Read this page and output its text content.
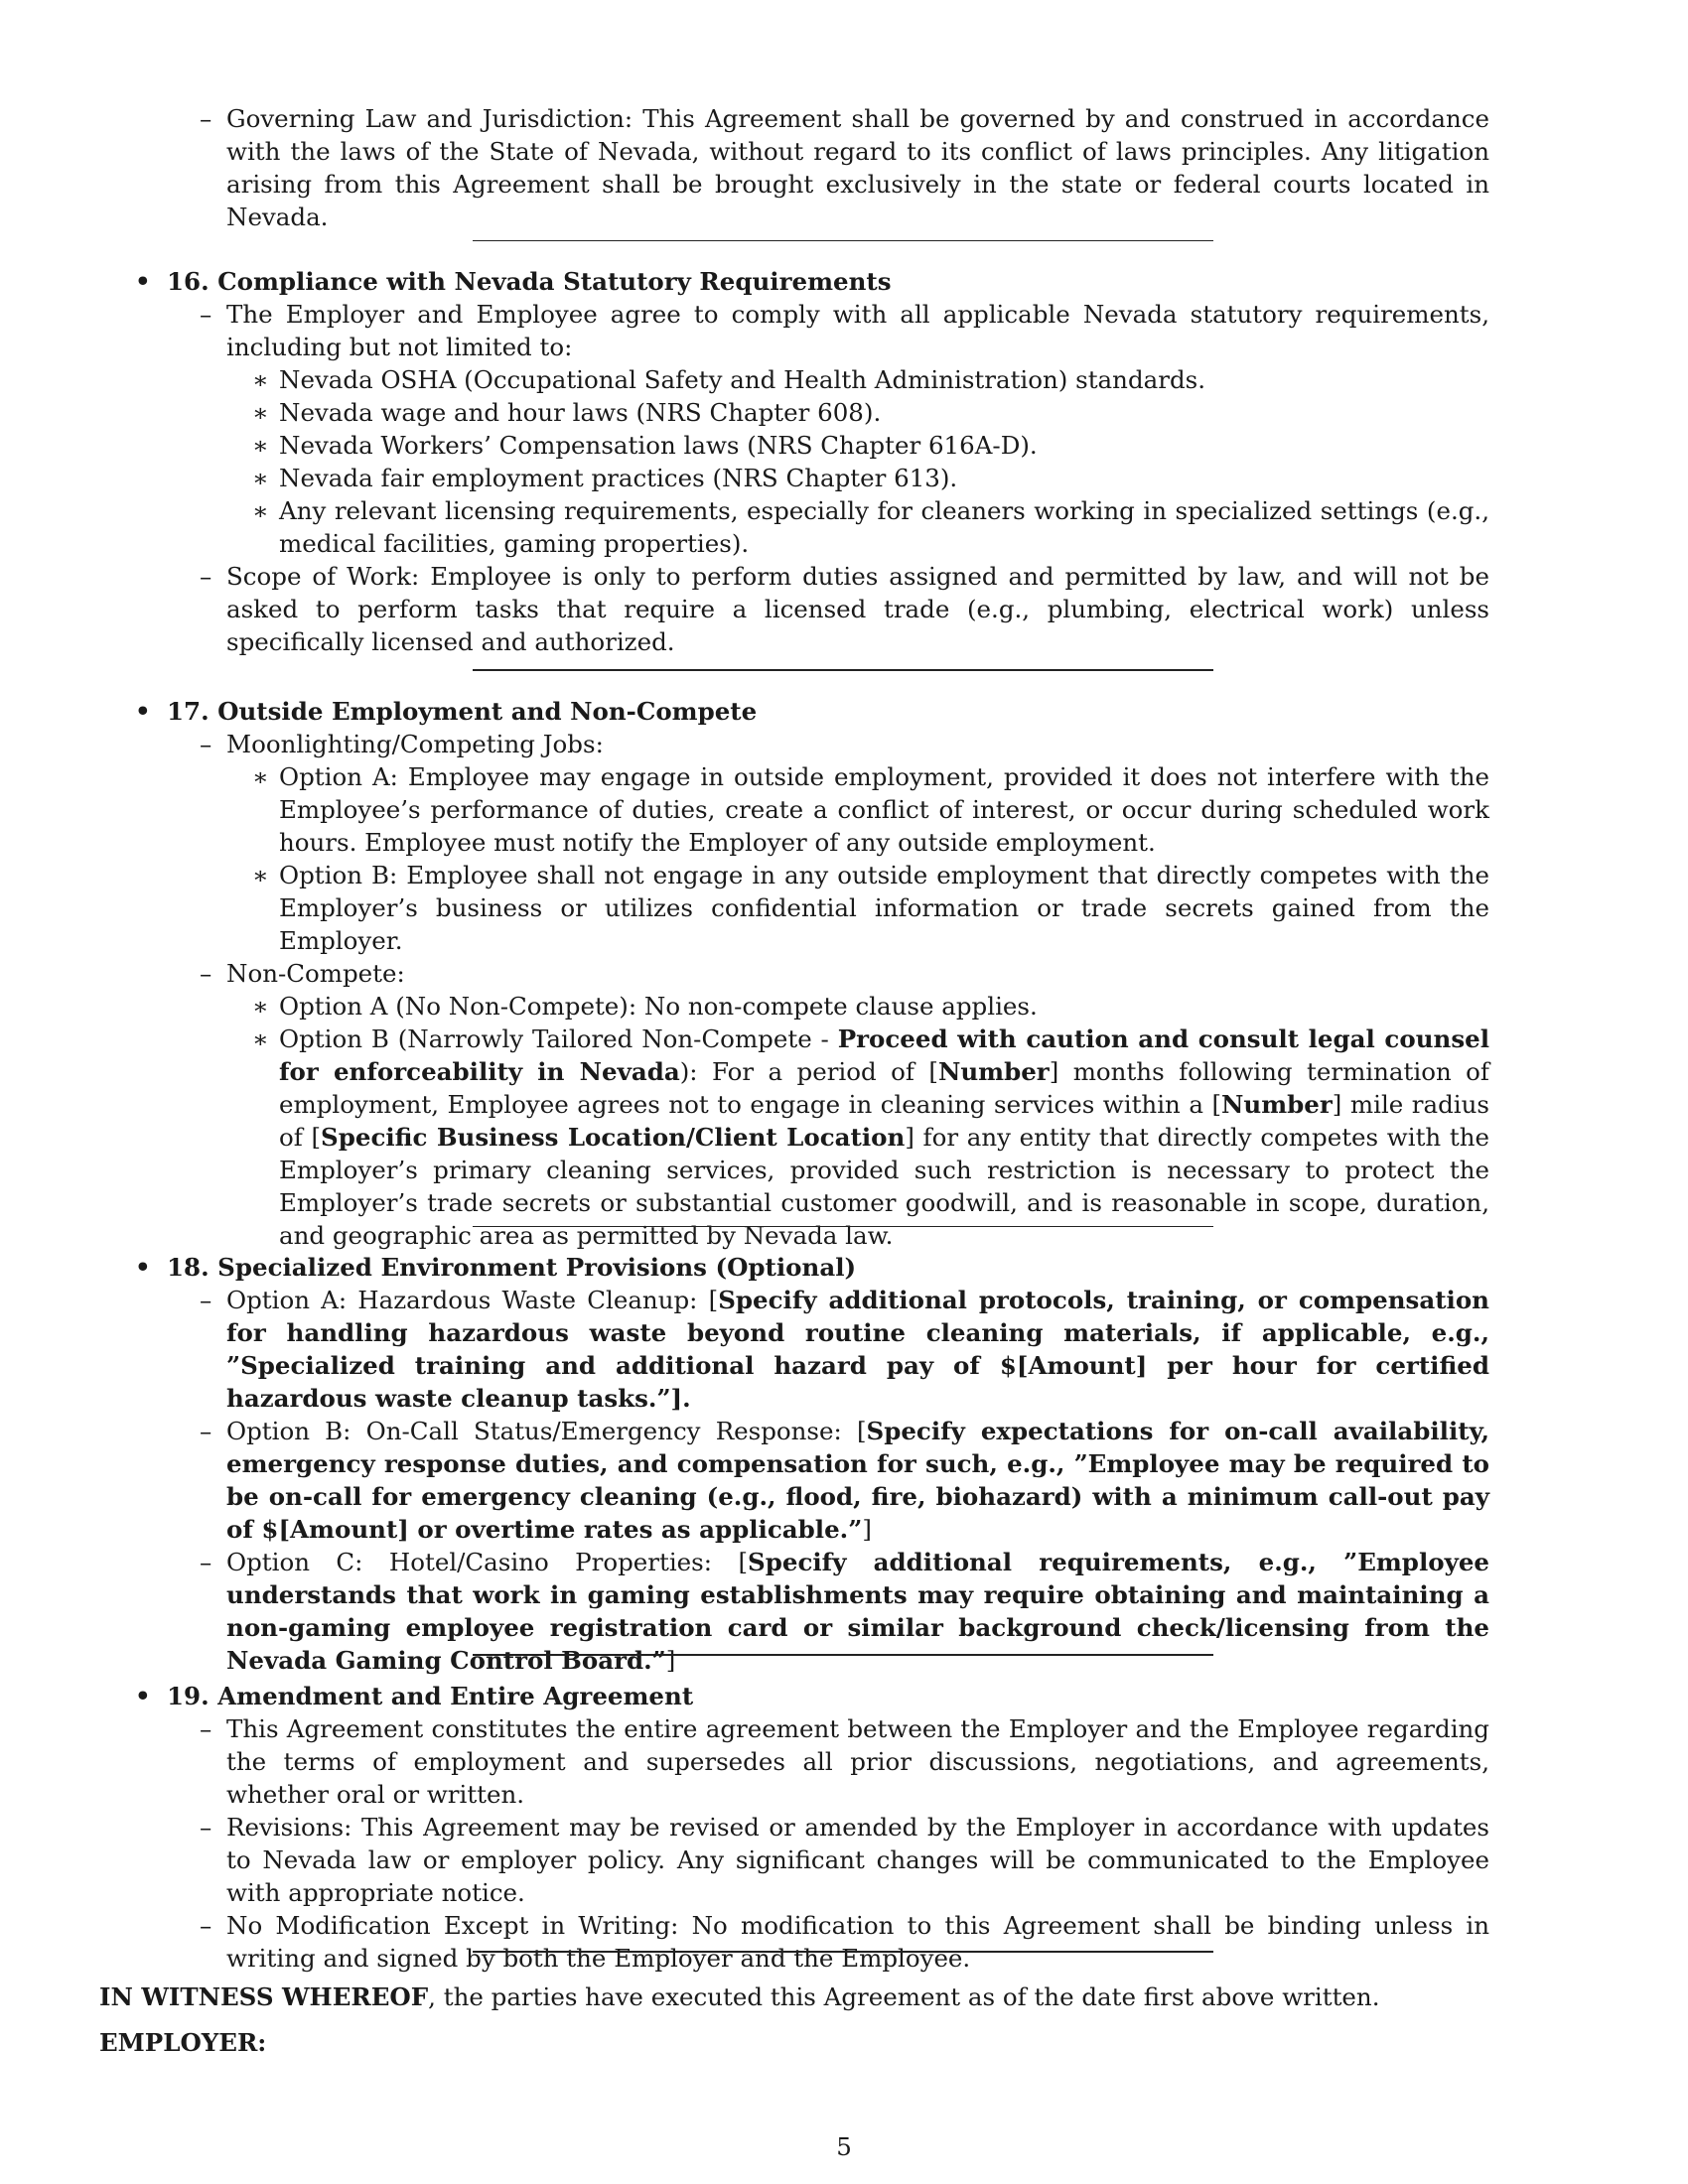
– Governing Law and Jurisdiction: This Agreement shall be governed by and construed in accordance with the laws of the State of Nevada, without regard to its conflict of laws principles. Any litigation arising from this Agreement shall be brought exclusively in the state or federal courts located in Nevada.
• 16. Compliance with Nevada Statutory Requirements
– The Employer and Employee agree to comply with all applicable Nevada statutory requirements, including but not limited to:
∗ Nevada OSHA (Occupational Safety and Health Administration) standards.
∗ Nevada wage and hour laws (NRS Chapter 608).
∗ Nevada Workers’ Compensation laws (NRS Chapter 616A-D).
∗ Nevada fair employment practices (NRS Chapter 613).
∗ Any relevant licensing requirements, especially for cleaners working in specialized settings (e.g., medical facilities, gaming properties).
– Scope of Work: Employee is only to perform duties assigned and permitted by law, and will not be asked to perform tasks that require a licensed trade (e.g., plumbing, electrical work) unless specifically licensed and authorized.
• 17. Outside Employment and Non-Compete
– Moonlighting/Competing Jobs:
∗ Option A: Employee may engage in outside employment, provided it does not interfere with the Employee’s performance of duties, create a conflict of interest, or occur during scheduled work hours. Employee must notify the Employer of any outside employment.
∗ Option B: Employee shall not engage in any outside employment that directly competes with the Employer’s business or utilizes confidential information or trade secrets gained from the Employer.
– Non-Compete:
∗ Option A (No Non-Compete): No non-compete clause applies.
∗ Option B (Narrowly Tailored Non-Compete - Proceed with caution and consult legal counsel for enforceability in Nevada): For a period of [Number] months following termination of employment, Employee agrees not to engage in cleaning services within a [Number] mile radius of [Specific Business Location/Client Location] for any entity that directly competes with the Employer’s primary cleaning services, provided such restriction is necessary to protect the Employer’s trade secrets or substantial customer goodwill, and is reasonable in scope, duration, and geographic area as permitted by Nevada law.
• 18. Specialized Environment Provisions (Optional)
– Option A: Hazardous Waste Cleanup: [Specify additional protocols, training, or compensation for handling hazardous waste beyond routine cleaning materials, if applicable, e.g., ”Specialized training and additional hazard pay of $[Amount] per hour for certified hazardous waste cleanup tasks.”].
– Option B: On-Call Status/Emergency Response: [Specify expectations for on-call availability, emergency response duties, and compensation for such, e.g., ”Employee may be required to be on-call for emergency cleaning (e.g., flood, fire, biohazard) with a minimum call-out pay of $[Amount] or overtime rates as applicable.”]
– Option C: Hotel/Casino Properties: [Specify additional requirements, e.g., ”Employee understands that work in gaming establishments may require obtaining and maintaining a non-gaming employee registration card or similar background check/licensing from the Nevada Gaming Control Board.”]
• 19. Amendment and Entire Agreement
– This Agreement constitutes the entire agreement between the Employer and the Employee regarding the terms of employment and supersedes all prior discussions, negotiations, and agreements, whether oral or written.
– Revisions: This Agreement may be revised or amended by the Employer in accordance with updates to Nevada law or employer policy. Any significant changes will be communicated to the Employee with appropriate notice.
– No Modification Except in Writing: No modification to this Agreement shall be binding unless in writing and signed by both the Employer and the Employee.
IN WITNESS WHEREOF, the parties have executed this Agreement as of the date first above written.
EMPLOYER:
5
